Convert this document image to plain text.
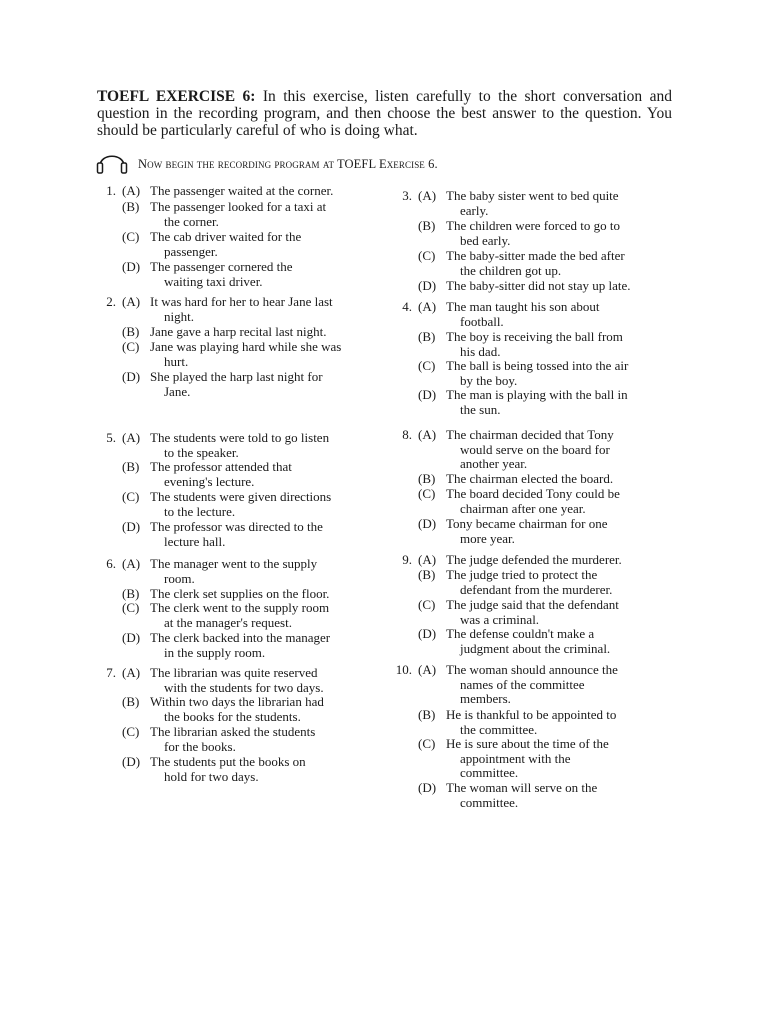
TOEFL EXERCISE 6: In this exercise, listen carefully to the short conversation and question in the recording program, and then choose the best answer to the question. You should be particularly careful of who is doing what.
Now begin the recording program at TOEFL Exercise 6.
1. (A) The passenger waited at the corner.
(B) The passenger looked for a taxi at
the corner.
(C) The cab driver waited for the
passenger.
(D) The passenger cornered the
waiting taxi driver.
2. (A) It was hard for her to hear Jane last
night.
(B) Jane gave a harp recital last night.
(C) Jane was playing hard while she was
hurt.
(D) She played the harp last night for
Jane.
5. (A) The students were told to go listen
to the speaker.
(B) The professor attended that
evening's lecture.
(C) The students were given directions
to the lecture.
(D) The professor was directed to the
lecture hall.
6. (A) The manager went to the supply
room.
(B) The clerk set supplies on the floor.
(C) The clerk went to the supply room
at the manager's request.
(D) The clerk backed into the manager
in the supply room.
7. (A) The librarian was quite reserved
with the students for two days.
(B) Within two days the librarian had
the books for the students.
(C) The librarian asked the students
for the books.
(D) The students put the books on
hold for two days.
3. (A) The baby sister went to bed quite
early.
(B) The children were forced to go to
bed early.
(C) The baby-sitter made the bed after
the children got up.
(D) The baby-sitter did not stay up late.
4. (A) The man taught his son about
football.
(B) The boy is receiving the ball from
his dad.
(C) The ball is being tossed into the air
by the boy.
(D) The man is playing with the ball in
the sun.
8. (A) The chairman decided that Tony
would serve on the board for
another year.
(B) The chairman elected the board.
(C) The board decided Tony could be
chairman after one year.
(D) Tony became chairman for one
more year.
9. (A) The judge defended the murderer.
(B) The judge tried to protect the
defendant from the murderer.
(C) The judge said that the defendant
was a criminal.
(D) The defense couldn't make a
judgment about the criminal.
10. (A) The woman should announce the
names of the committee
members.
(B) He is thankful to be appointed to
the committee.
(C) He is sure about the time of the
appointment with the
committee.
(D) The woman will serve on the
committee.
